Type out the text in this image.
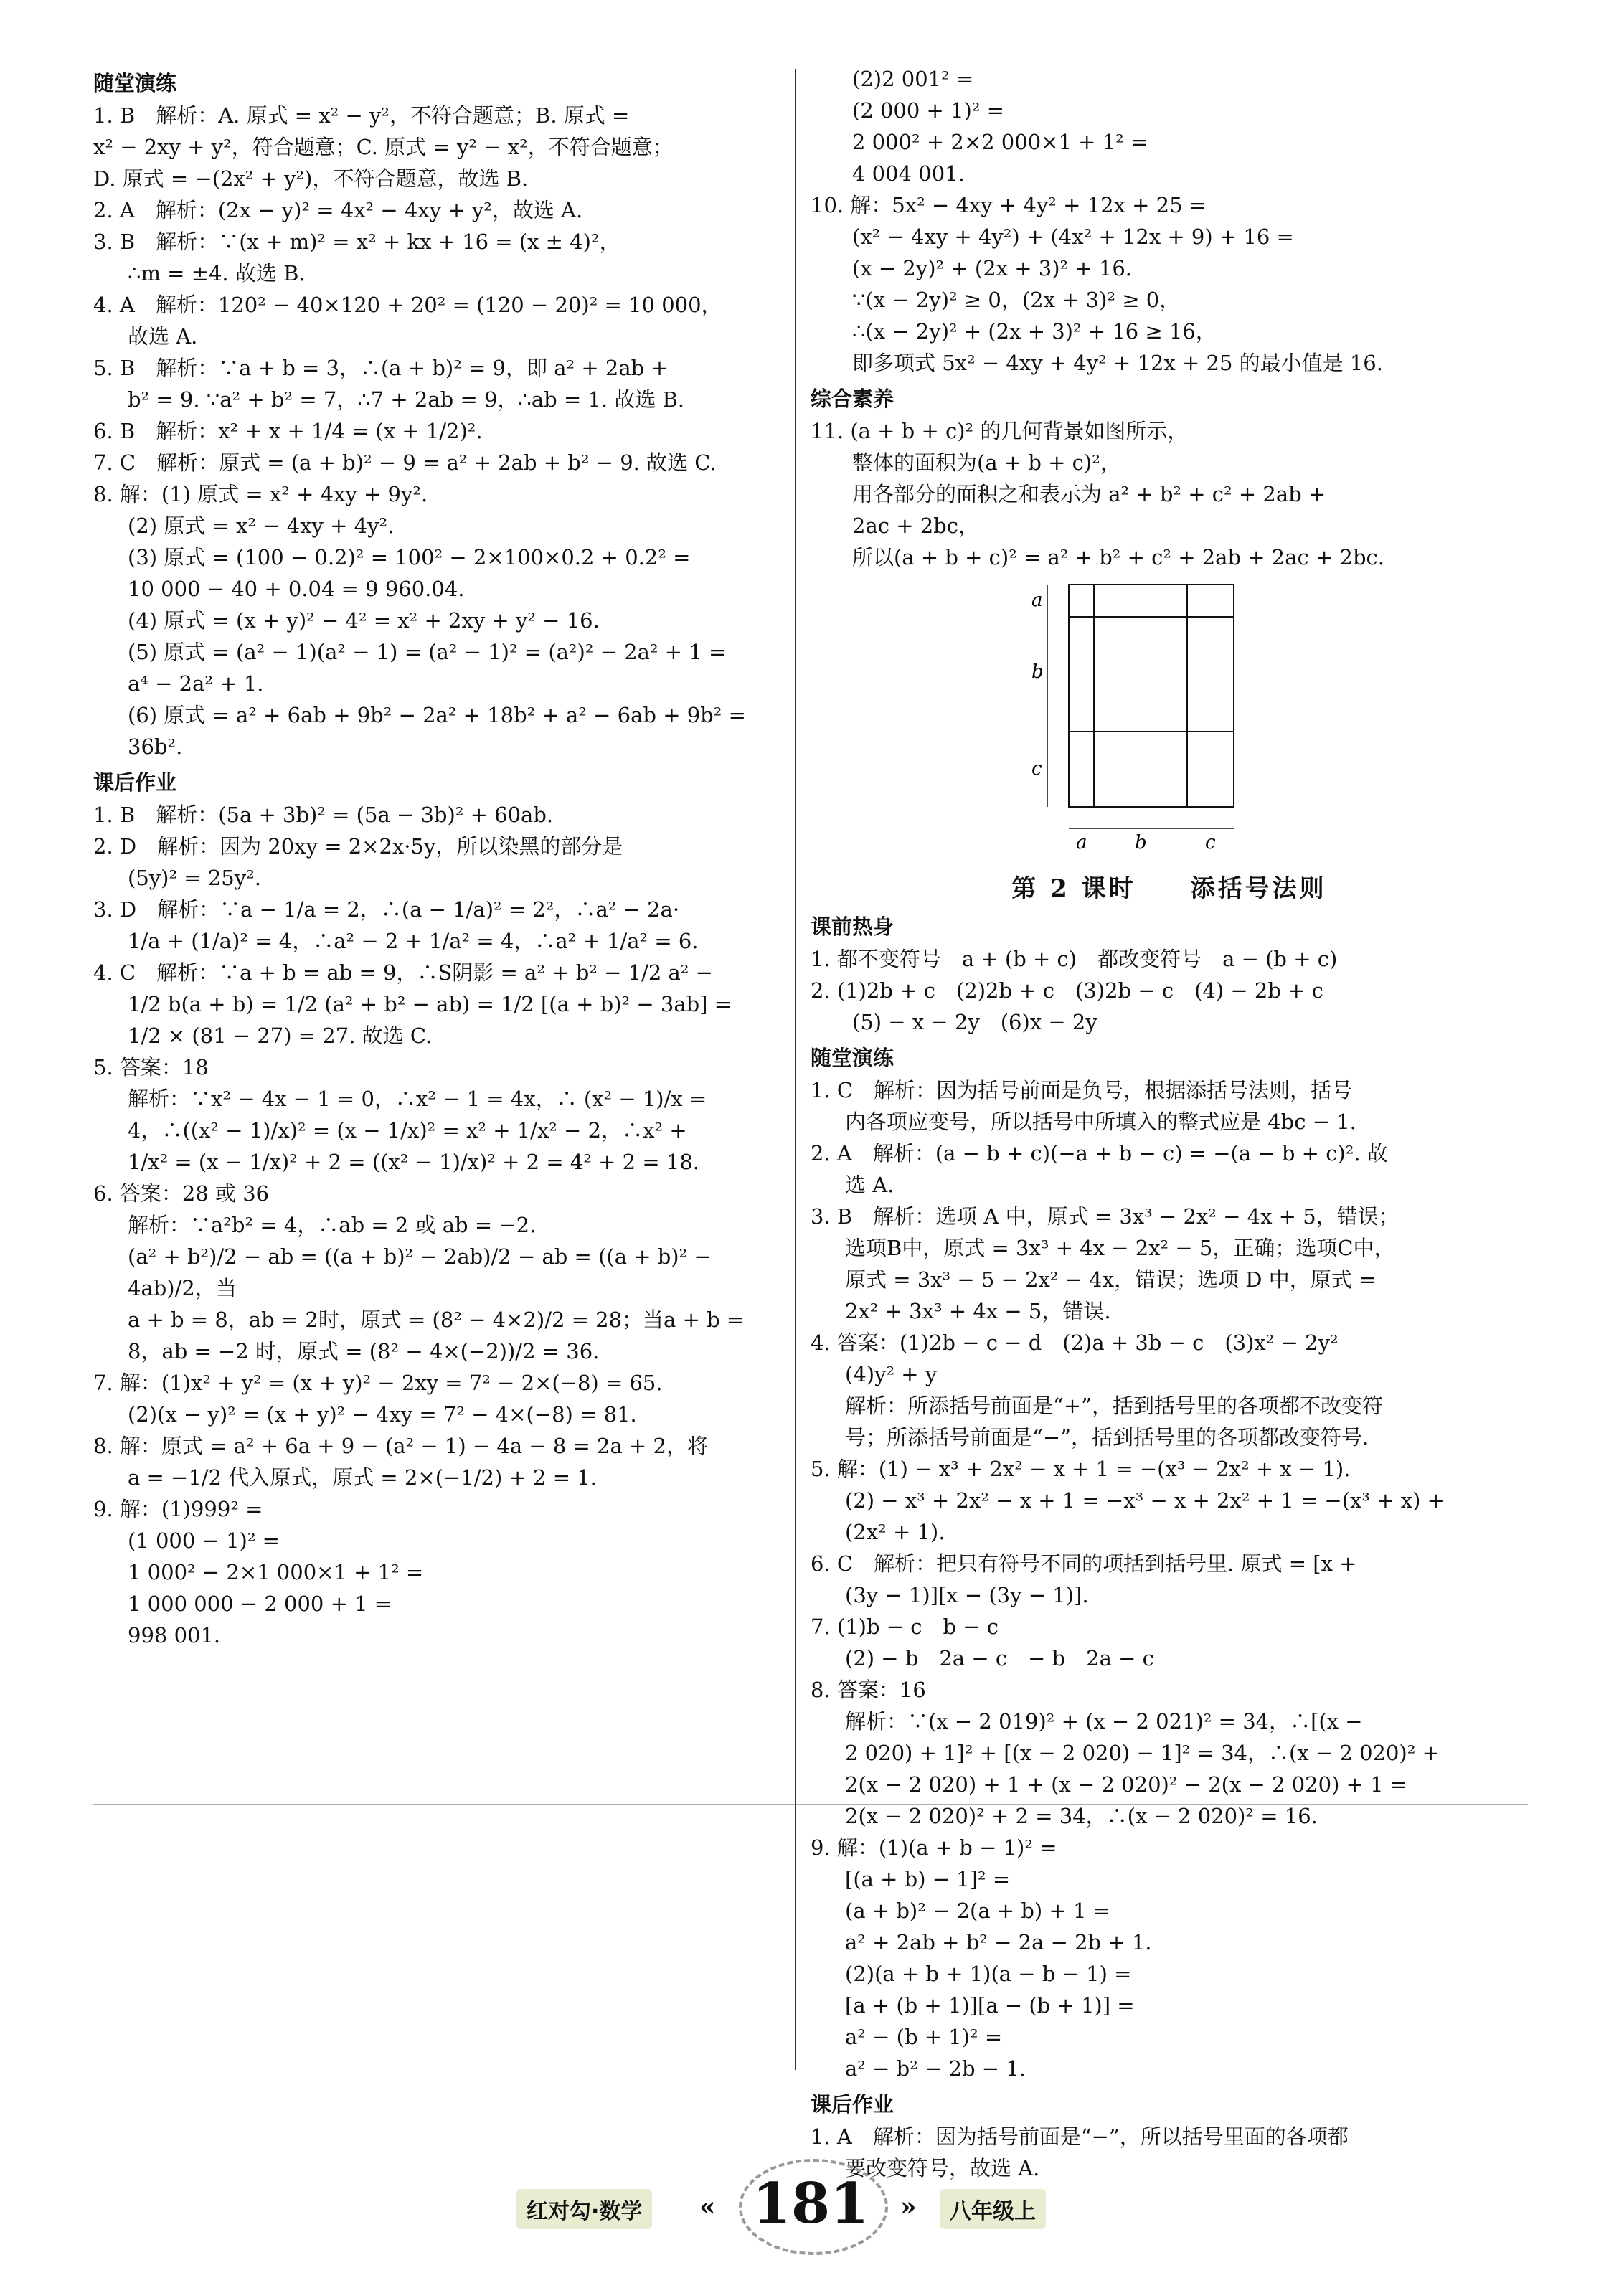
随堂演练
1. B　解析：A. 原式 = x² − y²，不符合题意；B. 原式 =
x² − 2xy + y²，符合题意；C. 原式 = y² − x²，不符合题意；
D. 原式 = −(2x² + y²)，不符合题意，故选 B.
2. A　解析：(2x − y)² = 4x² − 4xy + y²，故选 A.
3. B　解析：∵(x + m)² = x² + kx + 16 = (x ± 4)²，
∴m = ±4. 故选 B.
4. A　解析：120² − 40×120 + 20² = (120 − 20)² = 10 000，
故选 A.
5. B　解析：∵a + b = 3，∴(a + b)² = 9，即 a² + 2ab +
b² = 9. ∵a² + b² = 7，∴7 + 2ab = 9，∴ab = 1. 故选 B.
6. B　解析：x² + x + 1/4 = (x + 1/2)².
7. C　解析：原式 = (a + b)² − 9 = a² + 2ab + b² − 9. 故选 C.
8. 解：(1) 原式 = x² + 4xy + 9y².
(2) 原式 = x² − 4xy + 4y².
(3) 原式 = (100 − 0.2)² = 100² − 2×100×0.2 + 0.2² =
10 000 − 40 + 0.04 = 9 960.04.
(4) 原式 = (x + y)² − 4² = x² + 2xy + y² − 16.
(5) 原式 = (a² − 1)(a² − 1) = (a² − 1)² = (a²)² − 2a² + 1 =
a⁴ − 2a² + 1.
(6) 原式 = a² + 6ab + 9b² − 2a² + 18b² + a² − 6ab + 9b² =
36b².
课后作业
1. B　解析：(5a + 3b)² = (5a − 3b)² + 60ab.
2. D　解析：因为 20xy = 2×2x·5y，所以染黑的部分是
(5y)² = 25y².
3. D　解析：∵a − 1/a = 2，∴(a − 1/a)² = 2²，∴a² − 2a·
1/a + (1/a)² = 4，∴a² − 2 + 1/a² = 4，∴a² + 1/a² = 6.
4. C　解析：∵a + b = ab = 9，∴S阴影 = a² + b² − 1/2 a² −
1/2 b(a + b) = 1/2 (a² + b² − ab) = 1/2 [(a + b)² − 3ab] =
1/2 × (81 − 27) = 27. 故选 C.
5. 答案：18
解析：∵x² − 4x − 1 = 0，∴x² − 1 = 4x，∴ (x² − 1)/x =
4，∴((x² − 1)/x)² = (x − 1/x)² = x² + 1/x² − 2，∴x² +
1/x² = (x − 1/x)² + 2 = ((x² − 1)/x)² + 2 = 4² + 2 = 18.
6. 答案：28 或 36
解析：∵a²b² = 4，∴ab = 2 或 ab = −2.
(a² + b²)/2 − ab = ((a + b)² − 2ab)/2 − ab = ((a + b)² − 4ab)/2，当
a + b = 8，ab = 2时，原式 = (8² − 4×2)/2 = 28；当a + b =
8，ab = −2 时，原式 = (8² − 4×(−2))/2 = 36.
7. 解：(1)x² + y² = (x + y)² − 2xy = 7² − 2×(−8) = 65.
(2)(x − y)² = (x + y)² − 4xy = 7² − 4×(−8) = 81.
8. 解：原式 = a² + 6a + 9 − (a² − 1) − 4a − 8 = 2a + 2，将
a = −1/2 代入原式，原式 = 2×(−1/2) + 2 = 1.
9. 解：(1)999² =
(1 000 − 1)² =
1 000² − 2×1 000×1 + 1² =
1 000 000 − 2 000 + 1 =
998 001.
(2)2 001² =
(2 000 + 1)² =
2 000² + 2×2 000×1 + 1² =
4 004 001.
10. 解：5x² − 4xy + 4y² + 12x + 25 =
(x² − 4xy + 4y²) + (4x² + 12x + 9) + 16 =
(x − 2y)² + (2x + 3)² + 16.
∵(x − 2y)² ≥ 0，(2x + 3)² ≥ 0，
∴(x − 2y)² + (2x + 3)² + 16 ≥ 16，
即多项式 5x² − 4xy + 4y² + 12x + 25 的最小值是 16.
综合素养
11. (a + b + c)² 的几何背景如图所示，
整体的面积为(a + b + c)²，
用各部分的面积之和表示为 a² + b² + c² + 2ab +
2ac + 2bc，
所以(a + b + c)² = a² + b² + c² + 2ab + 2ac + 2bc.
a
b
c
a	b	c
第 2 课时　　添括号法则
课前热身
1. 都不变符号　a + (b + c)　都改变符号　a − (b + c)
2. (1)2b + c　(2)2b + c　(3)2b − c　(4) − 2b + c
(5) − x − 2y　(6)x − 2y
随堂演练
1. C　解析：因为括号前面是负号，根据添括号法则，括号
内各项应变号，所以括号中所填入的整式应是 4bc − 1.
2. A　解析：(a − b + c)(−a + b − c) = −(a − b + c)². 故
选 A.
3. B　解析：选项 A 中，原式 = 3x³ − 2x² − 4x + 5，错误；
选项B中，原式 = 3x³ + 4x − 2x² − 5，正确；选项C中，
原式 = 3x³ − 5 − 2x² − 4x，错误；选项 D 中，原式 =
2x² + 3x³ + 4x − 5，错误.
4. 答案：(1)2b − c − d　(2)a + 3b − c　(3)x² − 2y²
(4)y² + y
解析：所添括号前面是“+”，括到括号里的各项都不改变符
号；所添括号前面是“−”，括到括号里的各项都改变符号.
5. 解：(1) − x³ + 2x² − x + 1 = −(x³ − 2x² + x − 1).
(2) − x³ + 2x² − x + 1 = −x³ − x + 2x² + 1 = −(x³ + x) +
(2x² + 1).
6. C　解析：把只有符号不同的项括到括号里. 原式 = [x +
(3y − 1)][x − (3y − 1)].
7. (1)b − c　b − c
(2) − b　2a − c　− b　2a − c
8. 答案：16
解析：∵(x − 2 019)² + (x − 2 021)² = 34，∴[(x −
2 020) + 1]² + [(x − 2 020) − 1]² = 34，∴(x − 2 020)² +
2(x − 2 020) + 1 + (x − 2 020)² − 2(x − 2 020) + 1 =
2(x − 2 020)² + 2 = 34，∴(x − 2 020)² = 16.
9. 解：(1)(a + b − 1)² =
[(a + b) − 1]² =
(a + b)² − 2(a + b) + 1 =
a² + 2ab + b² − 2a − 2b + 1.
(2)(a + b + 1)(a − b − 1) =
[a + (b + 1)][a − (b + 1)] =
a² − (b + 1)² =
a² − b² − 2b − 1.
课后作业
1. A　解析：因为括号前面是“−”，所以括号里面的各项都
要改变符号，故选 A.
红对勾·数学	« 181 »	八年级上
